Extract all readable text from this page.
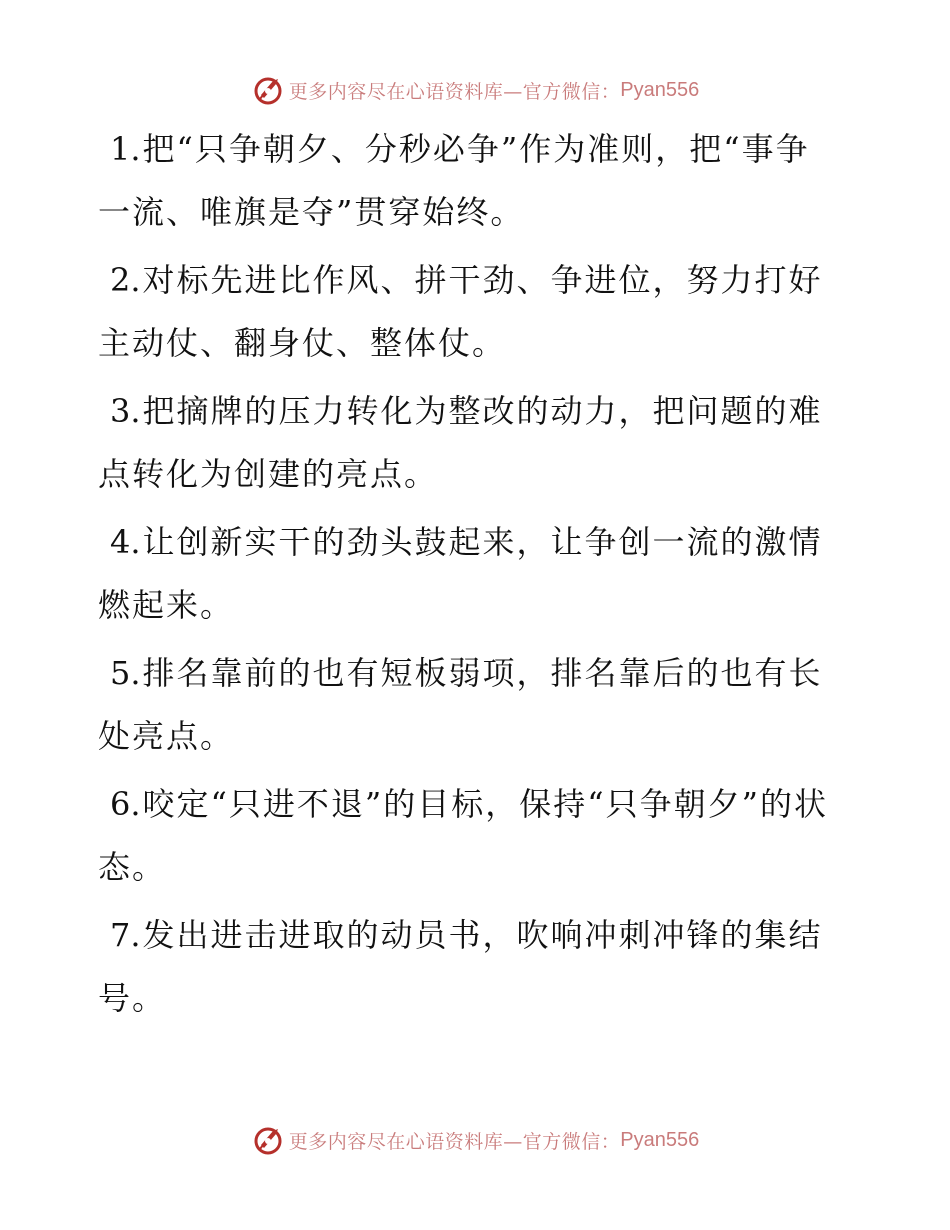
更多内容尽在心语资料库—官方微信： Pyan556

1.把“只争朝夕、分秒必争”作为准则，把“事争一流、唯旗是夺”贯穿始终。

2.对标先进比作风、拼干劲、争进位，努力打好主动仗、翻身仗、整体仗。

3.把摘牌的压力转化为整改的动力，把问题的难点转化为创建的亮点。

4.让创新实干的劲头鼓起来，让争创一流的激情燃起来。

5.排名靠前的也有短板弱项，排名靠后的也有长处亮点。

6.咬定“只进不退”的目标，保持“只争朝夕”的状态。

7.发出进击进取的动员书，吹响冲刺冲锋的集结号。

更多内容尽在心语资料库—官方微信： Pyan556
